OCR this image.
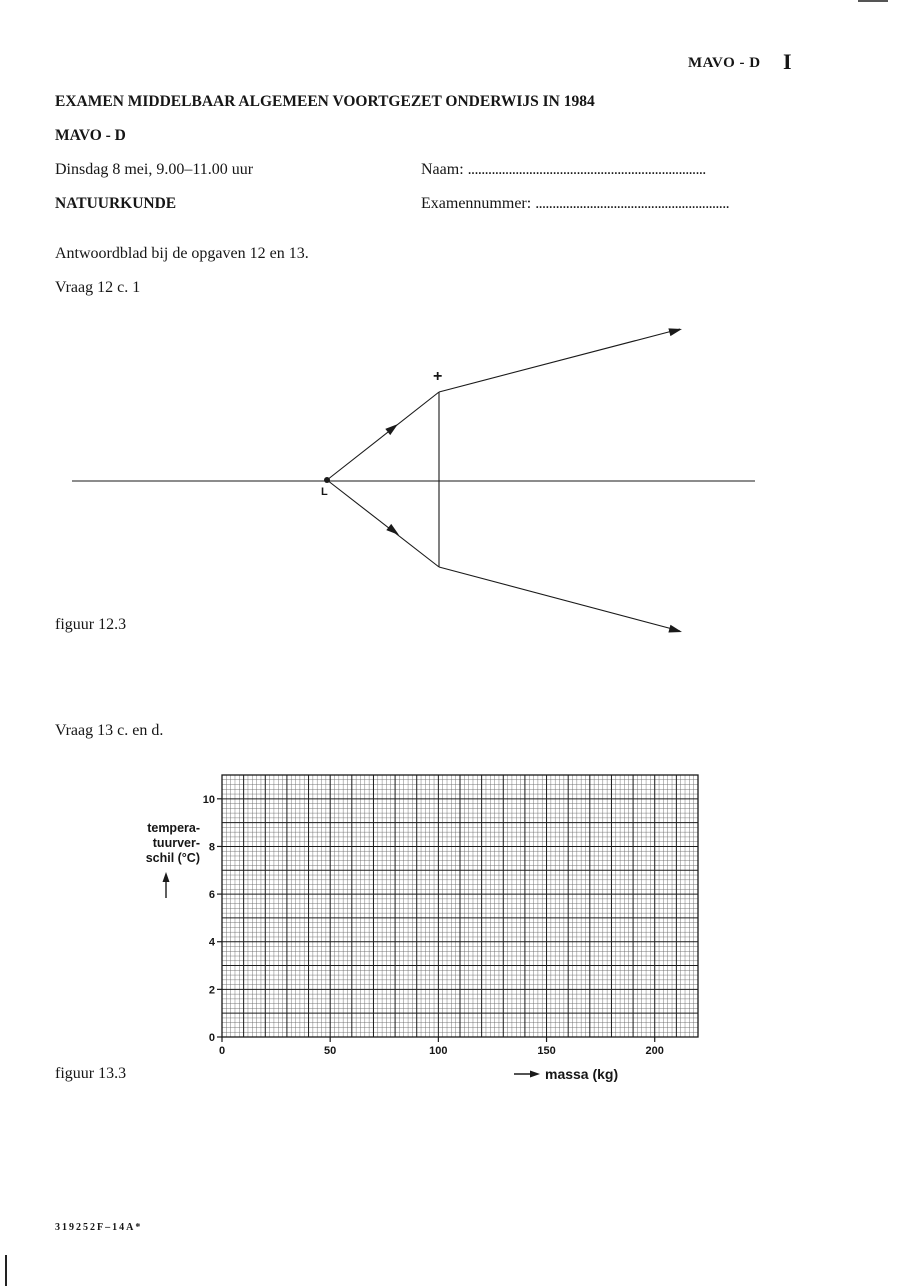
MAVO - D I
EXAMEN MIDDELBAAR ALGEMEEN VOORTGEZET ONDERWIJS IN 1984
MAVO - D
Dinsdag 8 mei, 9.00–11.00 uur
NATUURKUNDE
Naam: ......................................................................
Examennummer: .........................................................
Antwoordblad bij de opgaven 12 en 13.
Vraag 12 c. 1
+
L
figuur 12.3
Vraag 13 c. en d.
0
2
4
6
8
10
0	50	100	150	200
tempera-
tuurver-
schil (°C)
massa (kg)
figuur 13.3
319252F–14A*
